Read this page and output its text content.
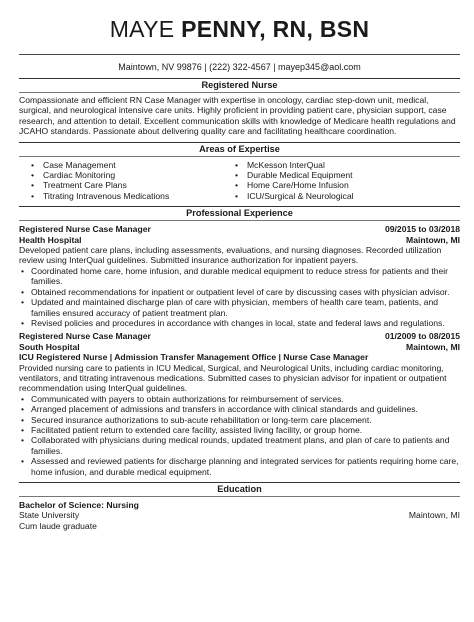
MAYE PENNY, RN, BSN
Maintown, NV 99876 | (222) 322-4567 | mayep345@aol.com
Registered Nurse
Compassionate and efficient RN Case Manager with expertise in oncology, cardiac step-down unit, medical, surgical, and neurological intensive care units. Highly proficient in providing patient care, physician support, case research, and attention to detail. Excellent communication skills with knowledge of Medicare health regulations and JCAHO standards. Passionate about delivering quality care and facilitating healthcare coordination.
Areas of Expertise
• Case Management
• Cardiac Monitoring
• Treatment Care Plans
• Titrating Intravenous Medications
• McKesson InterQual
• Durable Medical Equipment
• Home Care/Home Infusion
• ICU/Surgical & Neurological
Professional Experience
Registered Nurse Case Manager	09/2015 to 03/2018
Health Hospital	Maintown, MI
Developed patient care plans, including assessments, evaluations, and nursing diagnoses. Recorded utilization review using InterQual guidelines. Submitted insurance authorization for inpatient payers.
• Coordinated home care, home infusion, and durable medical equipment to reduce stress for patients and their families.
• Obtained recommendations for inpatient or outpatient level of care by discussing cases with physician advisor.
• Updated and maintained discharge plan of care with physician, members of health care team, patients, and families ensured accuracy of patient treatment plan.
• Revised policies and procedures in accordance with changes in local, state and federal laws and regulations.
Registered Nurse Case Manager	01/2009 to 08/2015
South Hospital	Maintown, MI
ICU Registered Nurse | Admission Transfer Management Office | Nurse Case Manager
Provided nursing care to patients in ICU Medical, Surgical, and Neurological Units, including cardiac monitoring, ventilators, and titrating intravenous medications. Submitted cases to physician advisor for inpatient or outpatient recommendation using InterQual guidelines.
• Communicated with payers to obtain authorizations for reimbursement of services.
• Arranged placement of admissions and transfers in accordance with clinical standards and guidelines.
• Secured insurance authorizations to sub-acute rehabilitation or long-term care placement.
• Facilitated patient return to extended care facility, assisted living facility, or group home.
• Collaborated with physicians during medical rounds, updated treatment plans, and plan of care to patients and families.
• Assessed and reviewed patients for discharge planning and integrated services for patients requiring home care, home infusion, and durable medical equipment.
Education
Bachelor of Science: Nursing
State University	Maintown, MI
Cum laude graduate
